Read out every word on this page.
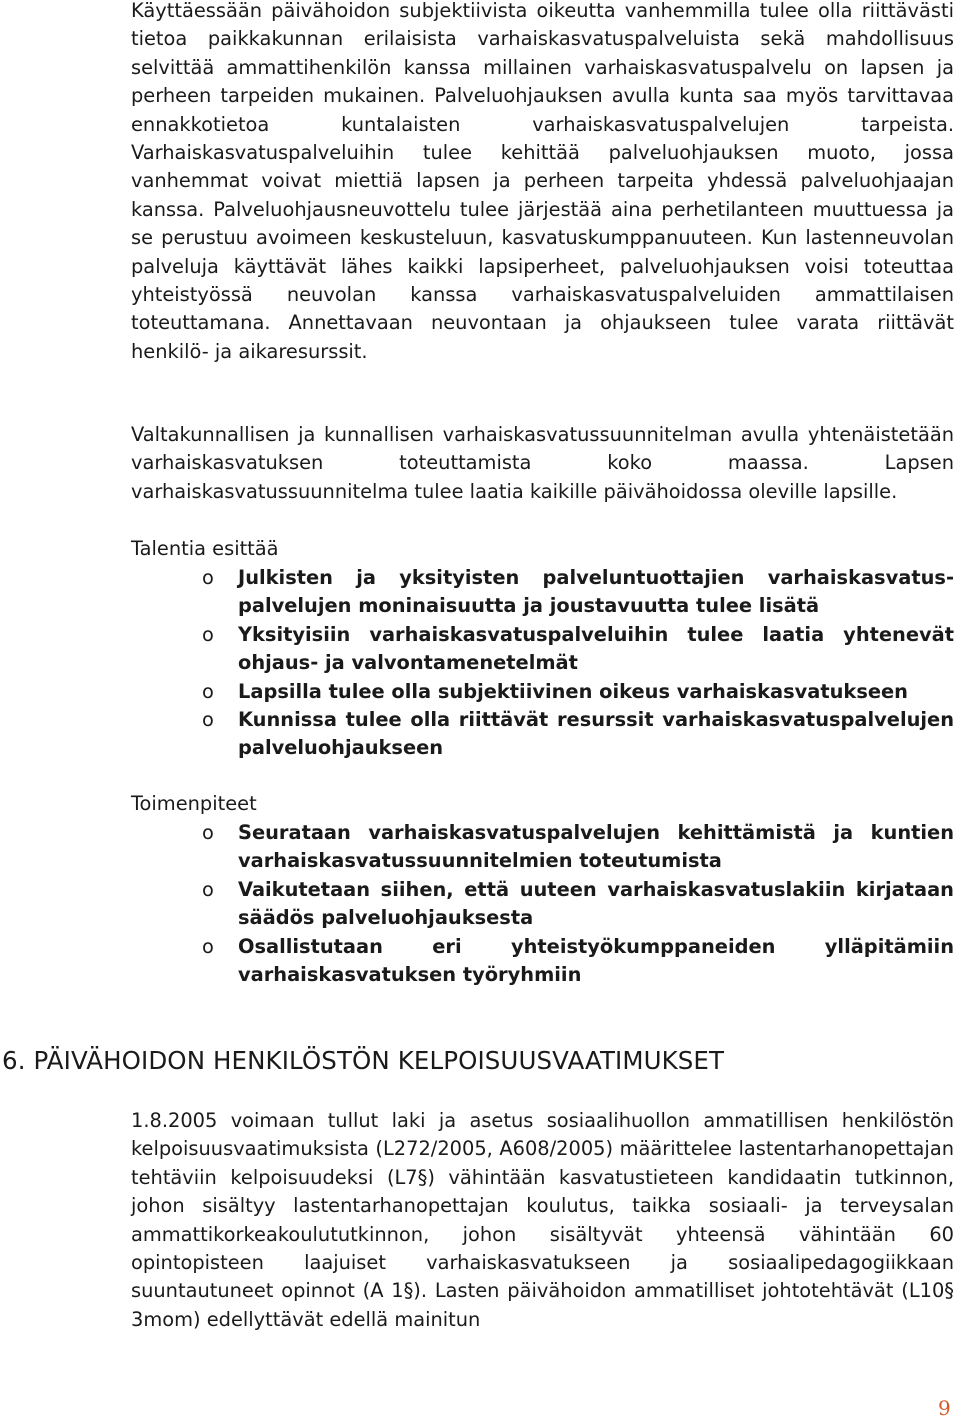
Käyttäessään päivähoidon subjektiivista oikeutta vanhemmilla tulee olla riittävästi tietoa paikkakunnan erilaisista varhaiskasvatuspalveluista sekä mahdollisuus selvittää ammattihenkilön kanssa millainen varhaiskasvatuspalvelu on lapsen ja perheen tarpeiden mukainen. Palveluohjauksen avulla kunta saa myös tarvittavaa ennakkotietoa kuntalaisten varhaiskasvatuspalvelujen tarpeista. Varhaiskasvatuspalveluihin tulee kehittää palveluohjauksen muoto, jossa vanhemmat voivat miettiä lapsen ja perheen tarpeita yhdessä palveluohjaajan kanssa. Palveluohjausneuvottelu tulee järjestää aina perhetilanteen muuttuessa ja se perustuu avoimeen keskusteluun, kasvatuskumppanuuteen. Kun lastenneuvolan palveluja käyttävät lähes kaikki lapsiperheet, palveluohjauksen voisi toteuttaa yhteistyössä neuvolan kanssa varhaiskasvatuspalveluiden ammattilaisen toteuttamana. Annettavaan neuvontaan ja ohjaukseen tulee varata riittävät henkilö- ja aikaresurssit.

Valtakunnallisen ja kunnallisen varhaiskasvatussuunnitelman avulla yhtenäistetään varhaiskasvatuksen toteuttamista koko maassa. Lapsen varhaiskasvatussuunnitelma tulee laatia kaikille päivähoidossa oleville lapsille.

Talentia esittää
o Julkisten ja yksityisten palveluntuottajien varhaiskasvatus-palvelujen moninaisuutta ja joustavuutta tulee lisätä
o Yksityisiin varhaiskasvatuspalveluihin tulee laatia yhtenevät ohjaus- ja valvontamenetelmät
o Lapsilla tulee olla subjektiivinen oikeus varhaiskasvatukseen
o Kunnissa tulee olla riittävät resurssit varhaiskasvatuspalvelujen palveluohjaukseen
Toimenpiteet
o Seurataan varhaiskasvatuspalvelujen kehittämistä ja kuntien varhaiskasvatussuunnitelmien toteutumista
o Vaikutetaan siihen, että uuteen varhaiskasvatuslakiin kirjataan säädös palveluohjauksesta
o Osallistutaan eri yhteistyökumppaneiden ylläpitämiin varhaiskasvatuksen työryhmiin
6. PÄIVÄHOIDON HENKILÖSTÖN KELPOISUUSVAATIMUKSET

1.8.2005 voimaan tullut laki ja asetus sosiaalihuollon ammatillisen henkilöstön kelpoisuusvaatimuksista (L272/2005, A608/2005) määrittelee lastentarhanopettajan tehtäviin kelpoisuudeksi (L7§) vähintään kasvatustieteen kandidaatin tutkinnon, johon sisältyy lastentarhanopettajan koulutus, taikka sosiaali- ja terveysalan ammattikorkeakoulututkinnon, johon sisältyvät yhteensä vähintään 60 opintopisteen laajuiset varhaiskasvatukseen ja sosiaalipedagogiikkaan suuntautuneet opinnot (A 1§). Lasten päivähoidon ammatilliset johtotehtävät (L10§ 3mom) edellyttävät edellä mainitun

9
